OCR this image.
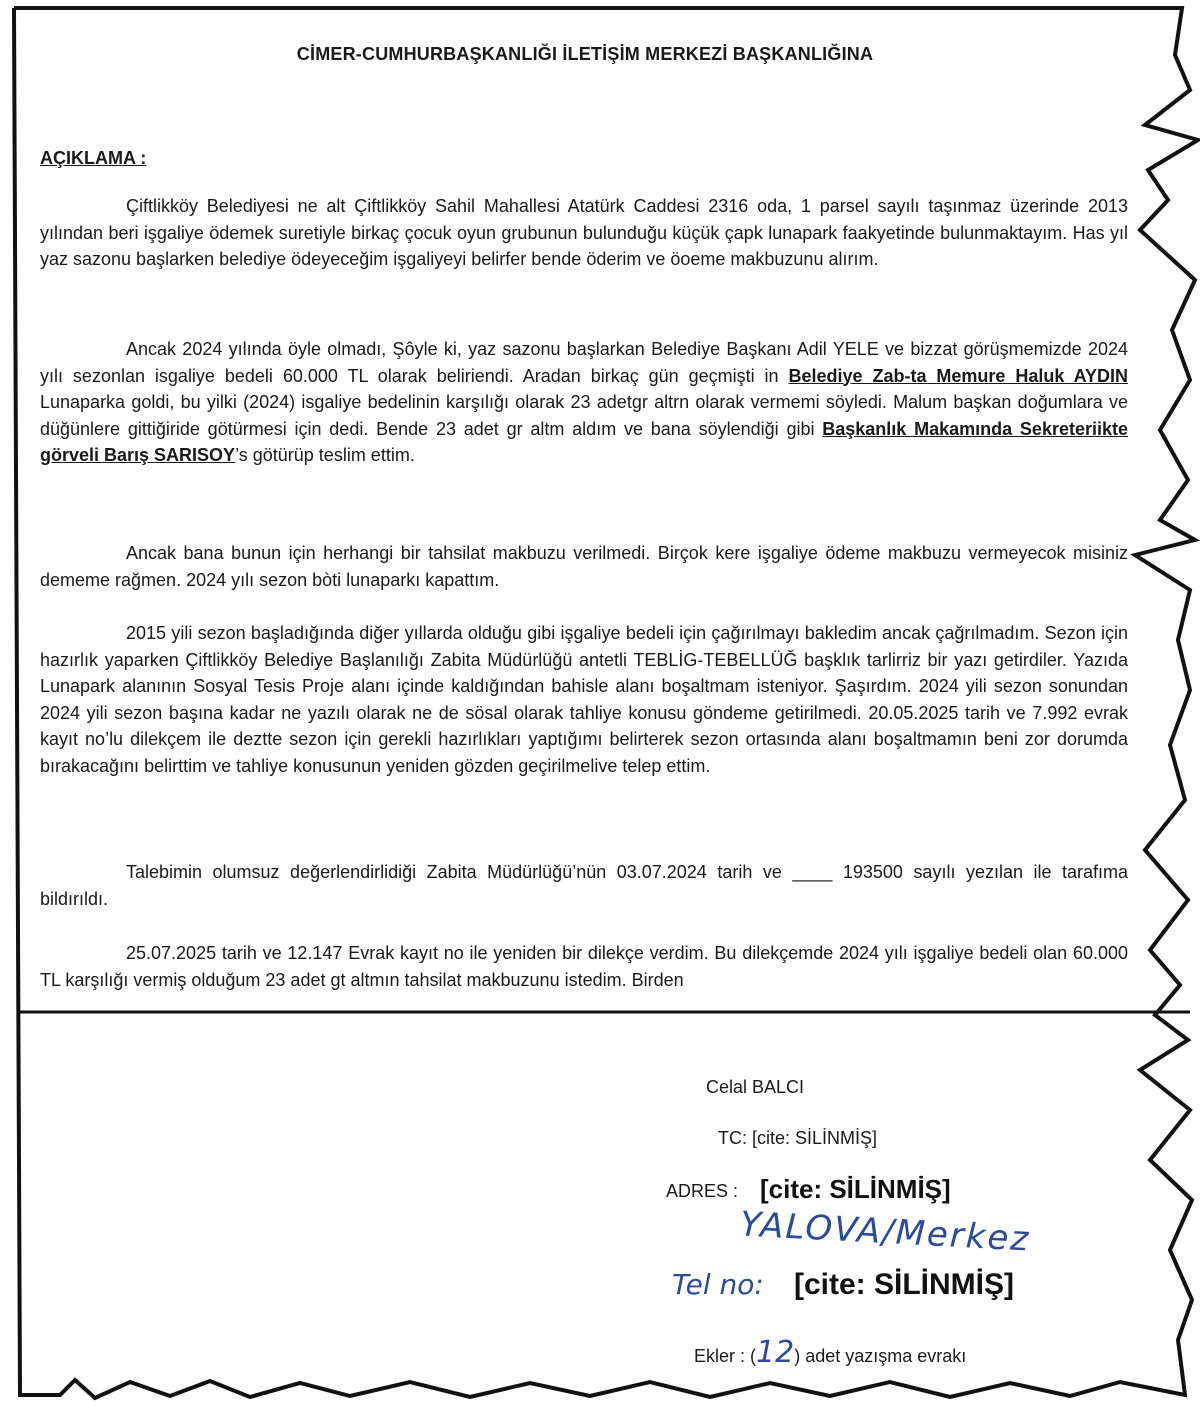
CİMER-CUMHURBAŞKANLIĞI İLETİŞİM MERKEZİ BAŞKANLIĞINA
AÇIKLAMA :

Çiftlikköy Belediyesi ne alt Çiftlikköy Sahil Mahallesi Atatürk Caddesi 2316 oda, 1 parsel sayılı taşınmaz üzerinde 2013 yılından beri işgaliye ödemek suretiyle birkaç çocuk oyun grubunun bulunduğu küçük çapk lunapark faakyetinde bulunmaktayım. Has yıl yaz sazonu başlarken belediye ödeyeceğim işgaliyeyi belirfer bende öderim ve öoeme makbuzunu alırım.

Ancak 2024 yılında öyle olmadı, Şôyle ki, yaz sazonu başlarkan Belediye Başkanı Adil YELE ve bizzat görüşmemizde 2024 yılı sezonlan isgaliye bedeli 60.000 TL olarak beliriendi. Aradan birkaç gün geçmişti in Belediye Zab-ta Memure Haluk AYDIN Lunaparka goldi, bu yilki (2024) isgaliye bedelinin karşılığı olarak 23 adetgr altrn olarak vermemi söyledi. Malum başkan doğumlara ve düğünlere gittiğiride götürmesi için dedi. Bende 23 adet gr altm aldım ve bana söylendiği gibi Başkanlık Makamında Sekreteriikte görveli Barış SARISOY’s götürüp teslim ettim.

Ancak bana bunun için herhangi bir tahsilat makbuzu verilmedi. Birçok kere işgaliye ödeme makbuzu vermeyecok misiniz dememe rağmen. 2024 yılı sezon bòti lunaparkı kapattım.

2015 yili sezon başladığında diğer yıllarda olduğu gibi işgaliye bedeli için çağırılmayı bakledim ancak çağrılmadım. Sezon için hazırlık yaparken Çiftlikköy Belediye Başlanılığı Zabita Müdürlüğü antetli TEBLİG-TEBELLÜĞ başklık tarlirriz bir yazı getirdiler. Yazıda Lunapark alanının Sosyal Tesis Proje alanı içinde kaldığından bahisle alanı boşaltmam isteniyor. Şaşırdım. 2024 yili sezon sonundan 2024 yili sezon başına kadar ne yazılı olarak ne de sösal olarak tahliye konusu göndeme getirilmedi. 20.05.2025 tarih ve 7.992 evrak kayıt no’lu dilekçem ile deztte sezon için gerekli hazırlıkları yaptığımı belirterek sezon ortasında alanı boşaltmamın beni zor dorumda bırakacağını belirttim ve tahliye konusunun yeniden gözden geçirilmelive telep ettim.

Talebimin olumsuz değerlendirlidiği Zabita Müdürlüğü’nün 03.07.2024 tarih ve ____ 193500 sayılı yezılan ile tarafıma bildırıldı.

25.07.2025 tarih ve 12.147 Evrak kayıt no ile yeniden bir dilekçe verdim. Bu dilekçemde 2024 yılı işgaliye bedeli olan 60.000 TL karşılığı vermiş olduğum 23 adet gt altmın tahsilat makbuzunu istedim. Birden

Celal BALCI
TC: [cite: SİLİNMİŞ]
ADRES : [cite: SİLİNMİŞ]
YALOVA/Merkez
Tel no: [cite: SİLİNMİŞ]
Ekler : (12) adet yazışma evrakı
